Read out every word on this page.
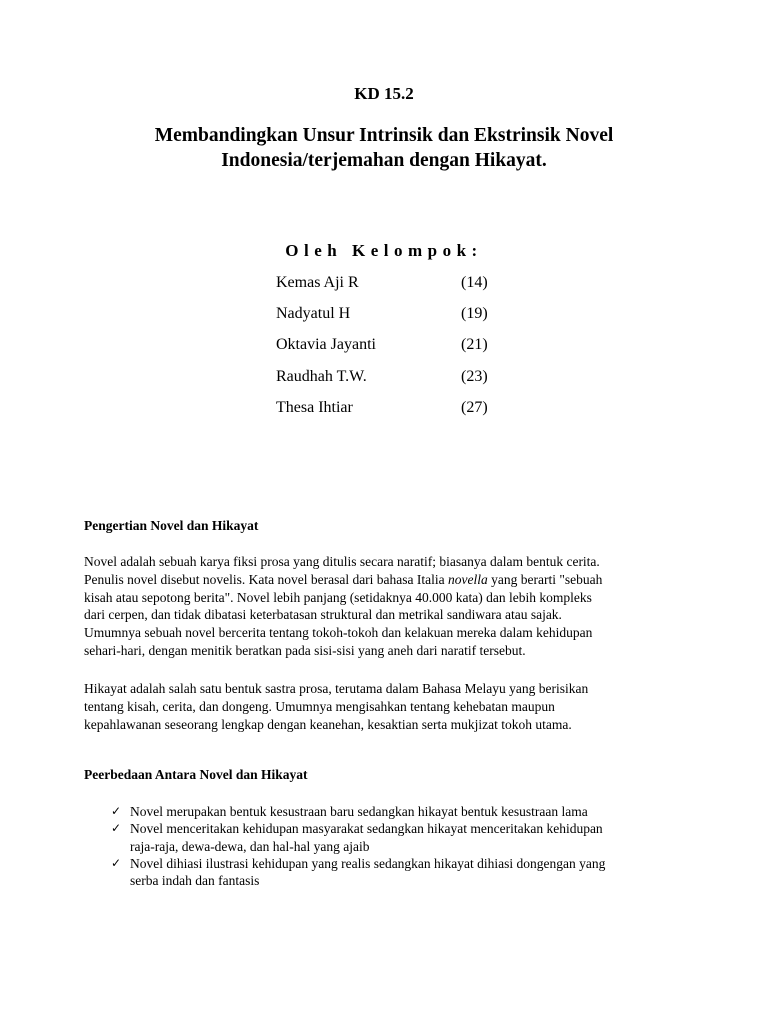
KD 15.2
Membandingkan Unsur Intrinsik dan Ekstrinsik Novel
Indonesia/terjemahan dengan Hikayat.
Oleh Kelompok:
Kemas Aji R	(14)
Nadyatul H	(19)
Oktavia Jayanti	(21)
Raudhah T.W.	(23)
Thesa Ihtiar	(27)
Pengertian Novel dan Hikayat
Novel adalah sebuah karya fiksi prosa yang ditulis secara naratif; biasanya dalam bentuk cerita.
Penulis novel disebut novelis. Kata novel berasal dari bahasa Italia novella yang berarti "sebuah
kisah atau sepotong berita". Novel lebih panjang (setidaknya 40.000 kata) dan lebih kompleks
dari cerpen, dan tidak dibatasi keterbatasan struktural dan metrikal sandiwara atau sajak.
Umumnya sebuah novel bercerita tentang tokoh-tokoh dan kelakuan mereka dalam kehidupan
sehari-hari, dengan menitik beratkan pada sisi-sisi yang aneh dari naratif tersebut.
Hikayat adalah salah satu bentuk sastra prosa, terutama dalam Bahasa Melayu yang berisikan
tentang kisah, cerita, dan dongeng. Umumnya mengisahkan tentang kehebatan maupun
kepahlawanan seseorang lengkap dengan keanehan, kesaktian serta mukjizat tokoh utama.
Peerbedaan Antara Novel dan Hikayat
✓ Novel merupakan bentuk kesustraan baru sedangkan hikayat bentuk kesustraan lama
✓ Novel menceritakan kehidupan masyarakat sedangkan hikayat menceritakan kehidupan
raja-raja, dewa-dewa, dan hal-hal yang ajaib
✓ Novel dihiasi ilustrasi kehidupan yang realis sedangkan hikayat dihiasi dongengan yang
serba indah dan fantasis
